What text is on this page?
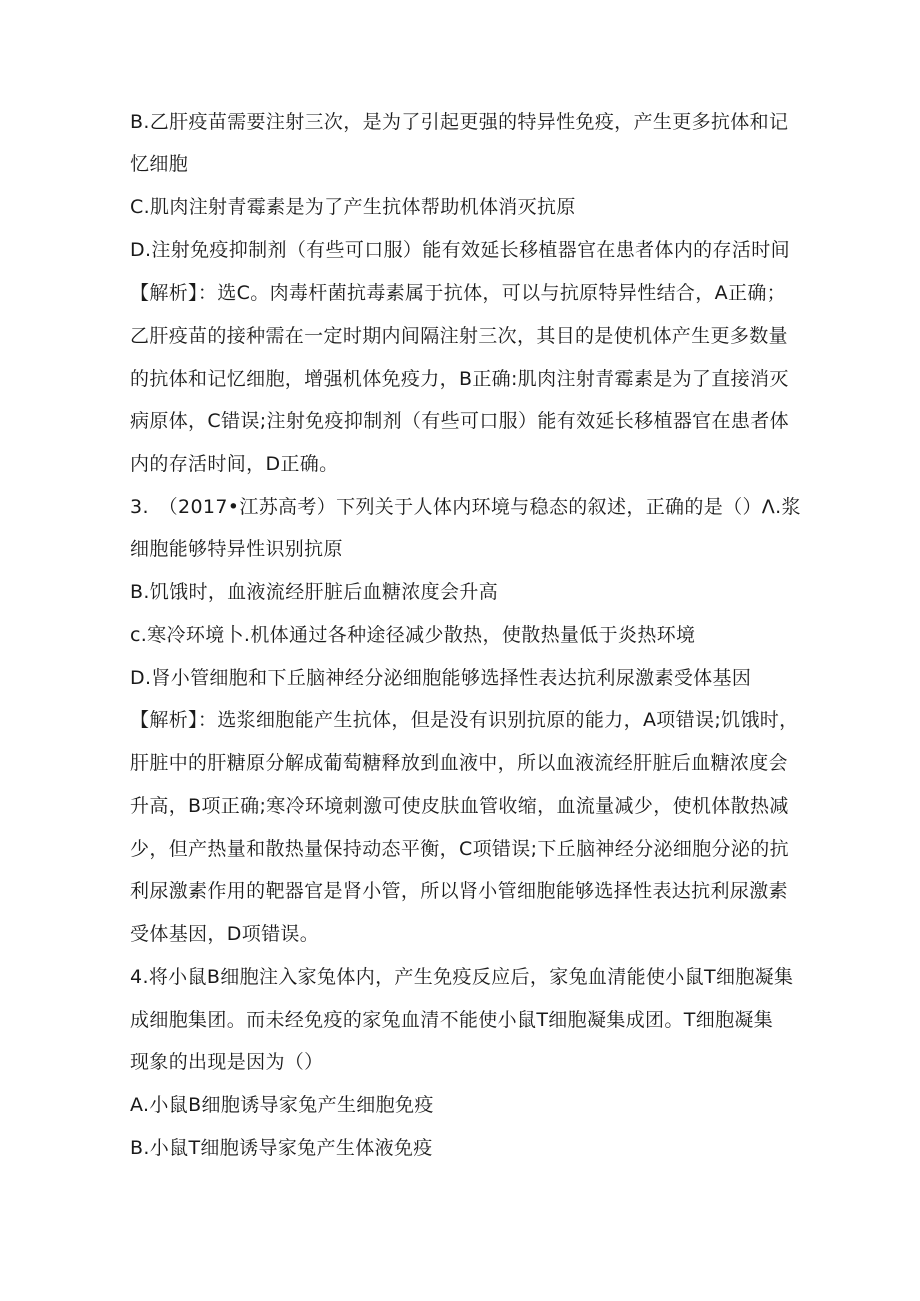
B.乙肝疫苗需要注射三次，是为了引起更强的特异性免疫，产生更多抗体和记
忆细胞
C.肌肉注射青霉素是为了产生抗体帮助机体消灭抗原
D.注射免疫抑制剂（有些可口服）能有效延长移植器官在患者体内的存活时间
【解析】：选C。肉毒杆菌抗毒素属于抗体，可以与抗原特异性结合，A正确；
乙肝疫苗的接种需在一定时期内间隔注射三次，其目的是使机体产生更多数量
的抗体和记忆细胞，增强机体免疫力，B正确:肌肉注射青霉素是为了直接消灭
病原体，C错误;注射免疫抑制剂（有些可口服）能有效延长移植器官在患者体
内的存活时间，D正确。
3.　（2017•江苏高考）下列关于人体内环境与稳态的叙述，正确的是（）Λ.浆
细胞能够特异性识别抗原
B.饥饿时，血液流经肝脏后血糖浓度会升高
c.寒冷环境卜.机体通过各种途径减少散热，使散热量低于炎热环境
D.肾小管细胞和下丘脑神经分泌细胞能够选择性表达抗利尿激素受体基因
【解析】：选浆细胞能产生抗体，但是没有识别抗原的能力，A项错误;饥饿时，
肝脏中的肝糖原分解成葡萄糖释放到血液中，所以血液流经肝脏后血糖浓度会
升高，B项正确;寒冷环境刺激可使皮肤血管收缩，血流量减少，使机体散热减
少，但产热量和散热量保持动态平衡，C项错误;下丘脑神经分泌细胞分泌的抗
利尿激素作用的靶器官是肾小管，所以肾小管细胞能够选择性表达抗利尿激素
受体基因，D项错误。
4.将小鼠B细胞注入家兔体内，产生免疫反应后，家兔血清能使小鼠T细胞凝集
成细胞集团。而未经免疫的家兔血清不能使小鼠T细胞凝集成团。T细胞凝集
现象的出现是因为（）
A.小鼠B细胞诱导家兔产生细胞免疫
B.小鼠T细胞诱导家兔产生体液免疫
